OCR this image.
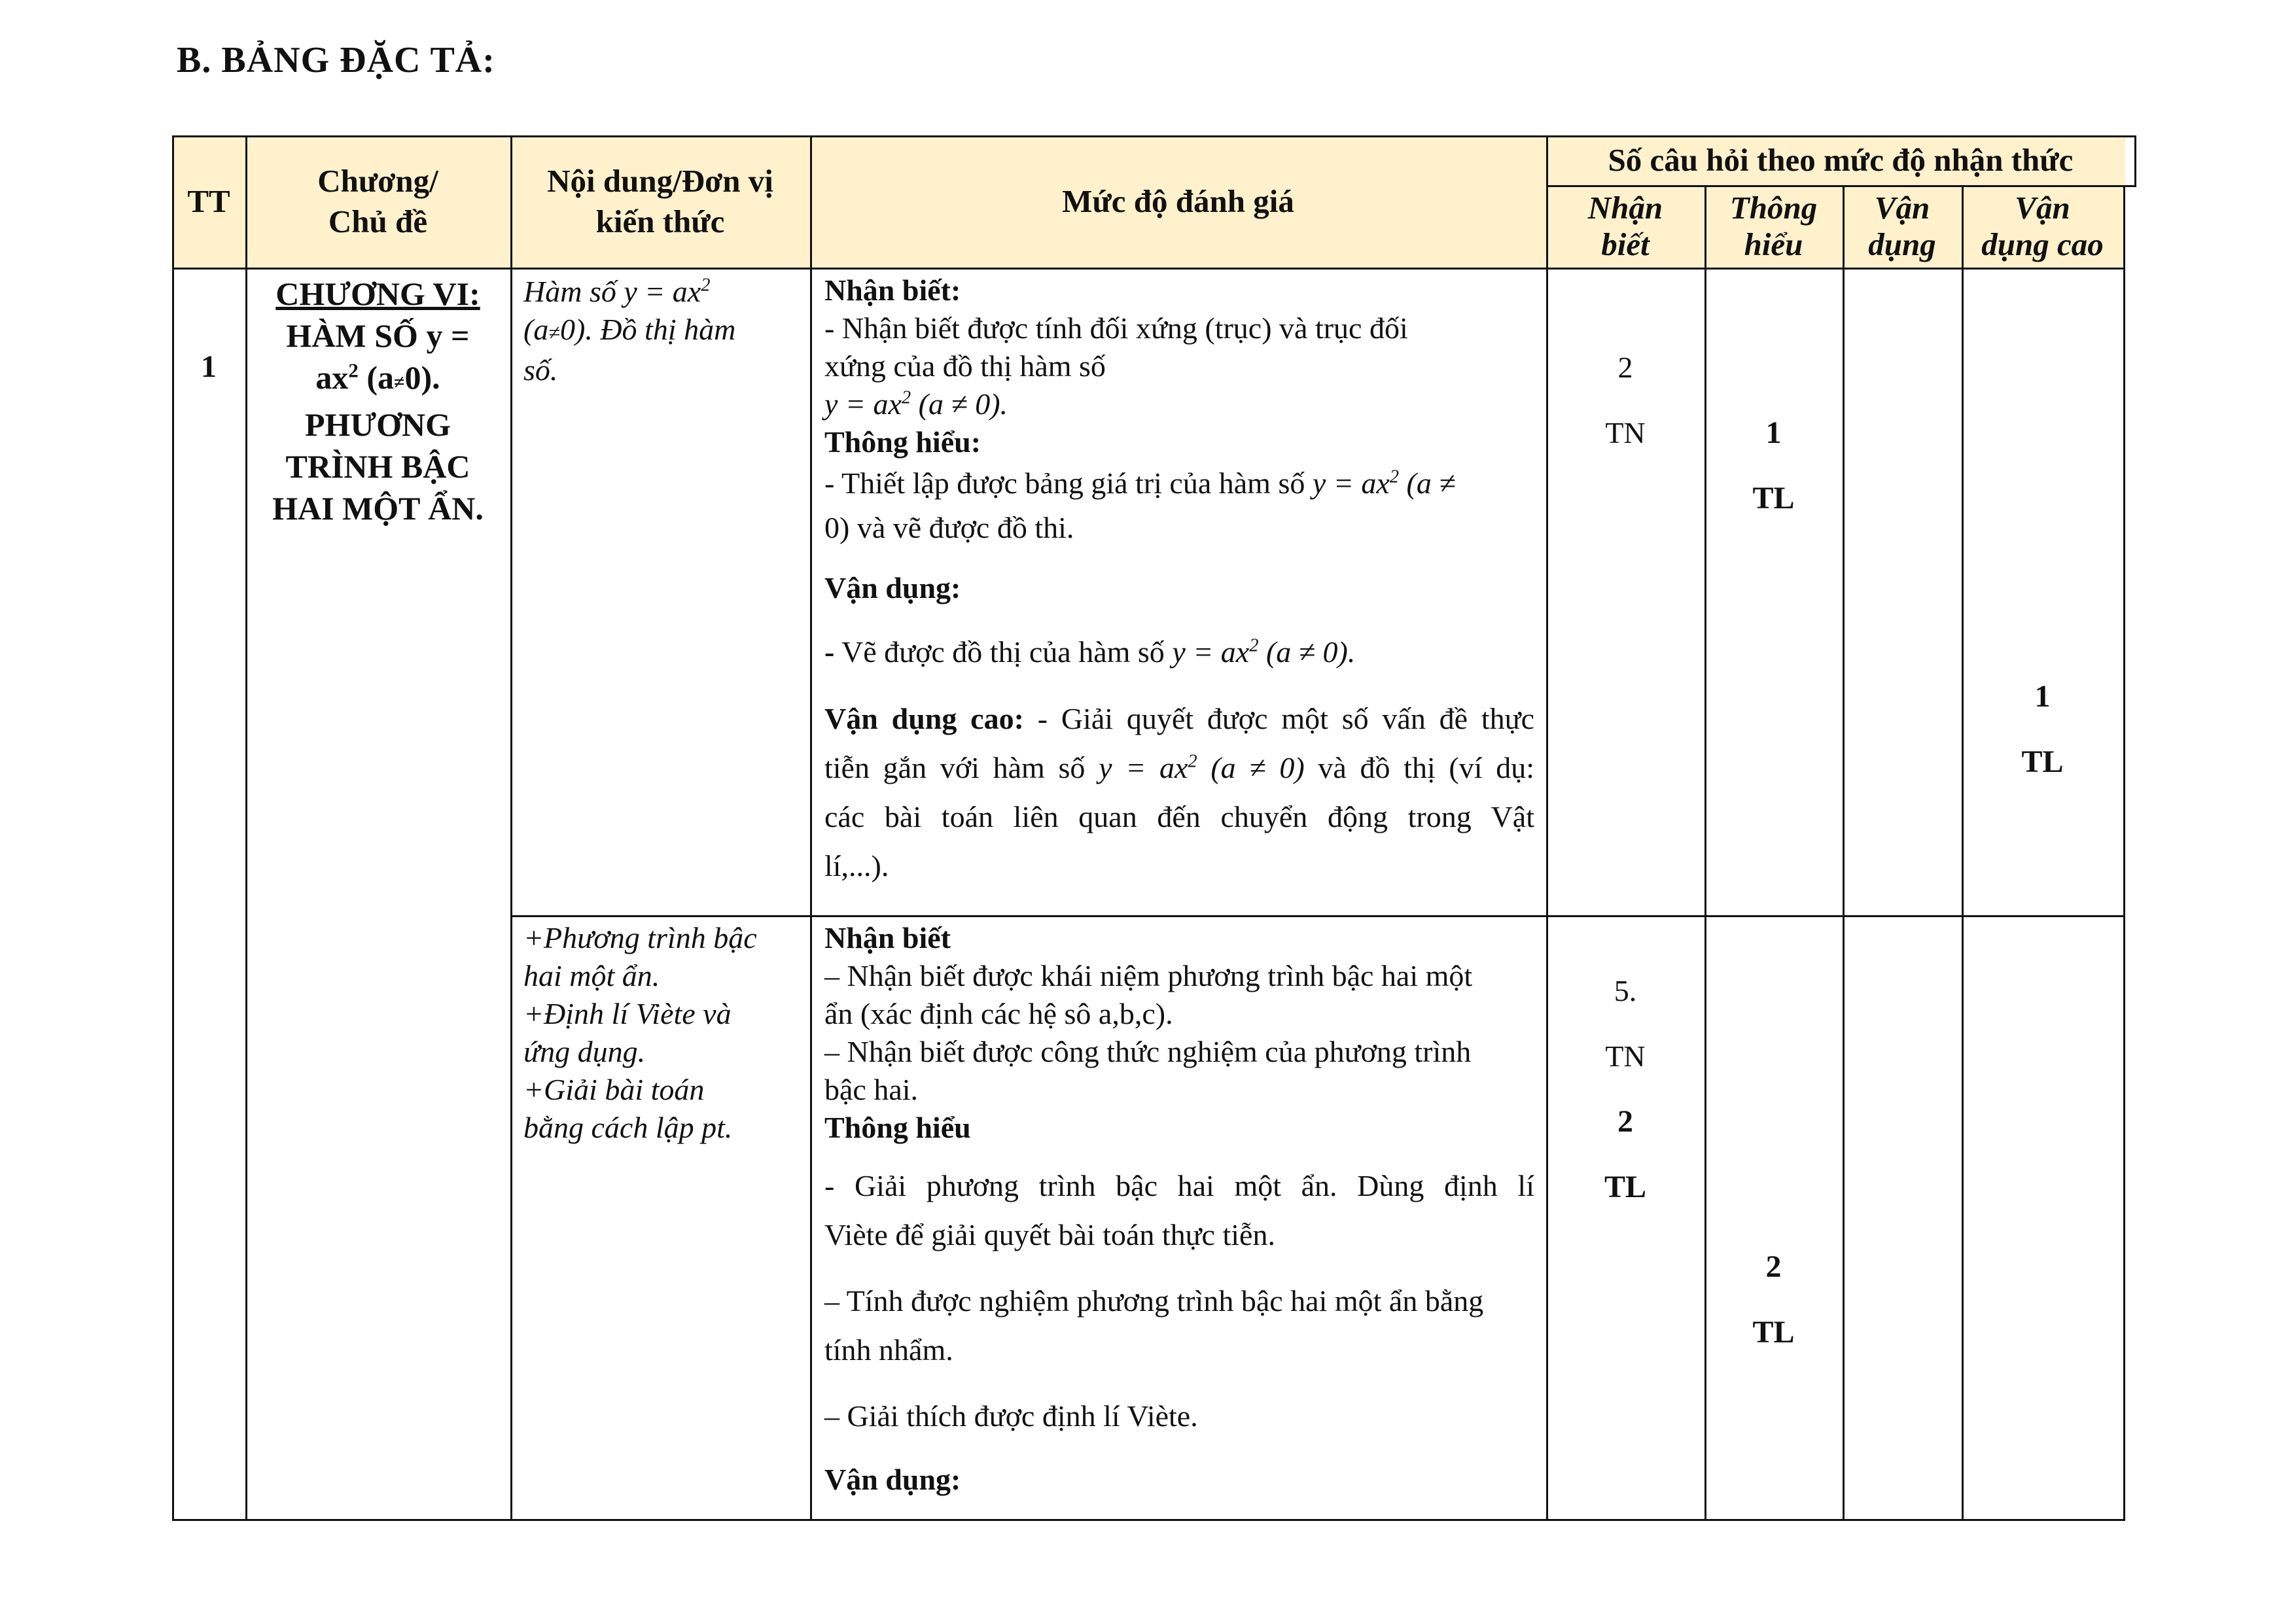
B. BẢNG ĐẶC TẢ:
TT
Chương/
Chủ đề
Nội dung/Đơn vị
kiến thức
Mức độ đánh giá
Số câu hỏi theo mức độ nhận thức
Nhận
biết
Thông
hiểu
Vận
dụng
Vận
dụng cao
1
CHƯƠNG VI:
HÀM SỐ y =
$ax^2$ (a≠0).
PHƯƠNG
TRÌNH BẬC
HAI MỘT ẨN.
Hàm số $y = ax^2$
(a≠0). Đồ thị hàm
số.
Nhận biết:
- Nhận biết được tính đối xứng (trục) và trục đối
xứng của đồ thị hàm số
$y = ax^2$ (a ≠ 0).
Thông hiểu:
- Thiết lập được bảng giá trị của hàm số $y = ax^2$ (a ≠
0) và vẽ được đồ thi.
Vận dụng:
- Vẽ được đồ thị của hàm số $y = ax^2$ (a ≠ 0).
Vận dụng cao: - Giải quyết được một số vấn đề thực
tiễn gắn với hàm số $y = ax^2$ (a ≠ 0) và đồ thị (ví dụ:
các bài toán liên quan đến chuyển động trong Vật
lí,...).
2
TN	1
TL
1
TL
+Phương trình bậc
hai một ẩn.
+Định lí Viète và
ứng dụng.
+Giải bài toán
bằng cách lập pt.
Nhận biết
– Nhận biết được khái niệm phương trình bậc hai một
ẩn (xác định các hệ sô a,b,c).
– Nhận biết được công thức nghiệm của phương trình
bậc hai.
Thông hiểu
- Giải phương trình bậc hai một ẩn. Dùng định lí
Viète để giải quyết bài toán thực tiễn.
– Tính được nghiệm phương trình bậc hai một ẩn bằng
tính nhẩm.
– Giải thích được định lí Viète.
Vận dụng:
5.
TN
2
TL
2
TL
